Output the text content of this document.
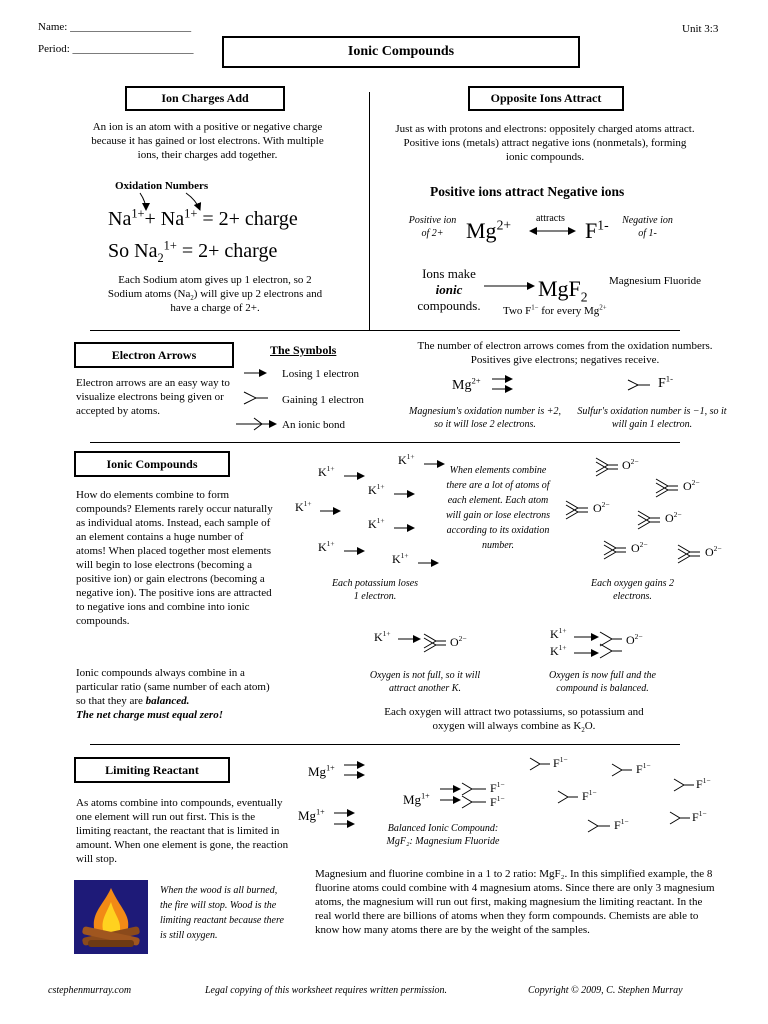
Name: ______________________
Period: ______________________
Unit 3:3
Ionic Compounds
Ion Charges Add
An ion is an atom with a positive or negative charge because it has gained or lost electrons. With multiple ions, their charges add together.
Oxidation Numbers
$Na^{1+}+ Na^{1+} = 2+$ charge
So $Na_2^{1+} = 2+$ charge
Each Sodium atom gives up 1 electron, so 2 Sodium atoms $(Na_2)$ will give up 2 electrons and have a charge of 2+.
Opposite Ions Attract
Just as with protons and electrons: oppositely charged atoms attract. Positive ions (metals) attract negative ions (nonmetals), forming ionic compounds.
Positive ions attract Negative ions
Positive ion of 2+	$Mg^{2+}$ attracts $F^{1-}$ Negative ion of 1-
Ions make
ionic
compounds.
MgF$_2$
Magnesium Fluoride
Two $F^{1-}$ for every $Mg^{2+}$
Electron Arrows
Electron arrows are an easy way to visualize electrons being given or accepted by atoms.
The Symbols
Losing 1 electron
Gaining 1 electron
An ionic bond
The number of electron arrows comes from the oxidation numbers. Positives give electrons; negatives receive.
$Mg^{2+}$	$F^{1-}$
Magnesium's oxidation number is +2, so it will lose 2 electrons.
Sulfur's oxidation number is −1, so it will gain 1 electron.
Ionic Compounds
How do elements combine to form compounds? Elements rarely occur naturally as individual atoms. Instead, each sample of an element contains a huge number of atoms! When placed together most elements will begin to lose electrons (becoming a positive ion) or gain electrons (becoming a negative ion). The positive ions are attracted to negative ions and combine into ionic compounds.
Ionic compounds always combine in a particular ratio (same number of each atom) so that they are balanced.
The net charge must equal zero!
$K^{1+}$
$K^{1+}$
$K^{1+}$
$K^{1+}$
$K^{1+}$
$K^{1+}$
$K^{1+}$
When elements combine there are a lot of atoms of each element. Each atom will gain or lose electrons according to its oxidation number.
Each potassium loses 1 electron.
$O^{2-}$
$O^{2-}$
$O^{2-}$
$O^{2-}$
$O^{2-}$
$O^{2-}$
Each oxygen gains 2 electrons.
$K^{1+}$
$O^{2-}$	$K^{1+}$
$K^{1+}$
$O^{2-}$
Oxygen is not full, so it will attract another K.
Oxygen is now full and the compound is balanced.
Each oxygen will attract two potassiums, so potassium and oxygen will always combine as $K_2O$.
Limiting Reactant
As atoms combine into compounds, eventually one element will run out first. This is the limiting reactant, the reactant that is limited in amount. When one element is gone, the reaction will stop.
When the wood is all burned, the fire will stop. Wood is the limiting reactant because there is still oxygen.
$Mg^{1+}$
$Mg^{1+}$
$Mg^{1+}$
$F^{1-}$
$F^{1-}$
$F^{1-}$
$F^{1-}$
$F^{1-}$
$F^{1-}$
$F^{1-}$
$F^{1-}$
Balanced Ionic Compound:
MgF₂: Magnesium Fluoride
Magnesium and fluorine combine in a 1 to 2 ratio: MgF₂. In this simplified example, the 8 fluorine atoms could combine with 4 magnesium atoms. Since there are only 3 magnesium atoms, the magnesium will run out first, making magnesium the limiting reactant. In the real world there are billions of atoms when they form compounds. Chemists are able to know how many atoms there are by the weight of the samples.
cstephenmurray.com	Legal copying of this worksheet requires written permission.	Copyright © 2009, C. Stephen Murray
